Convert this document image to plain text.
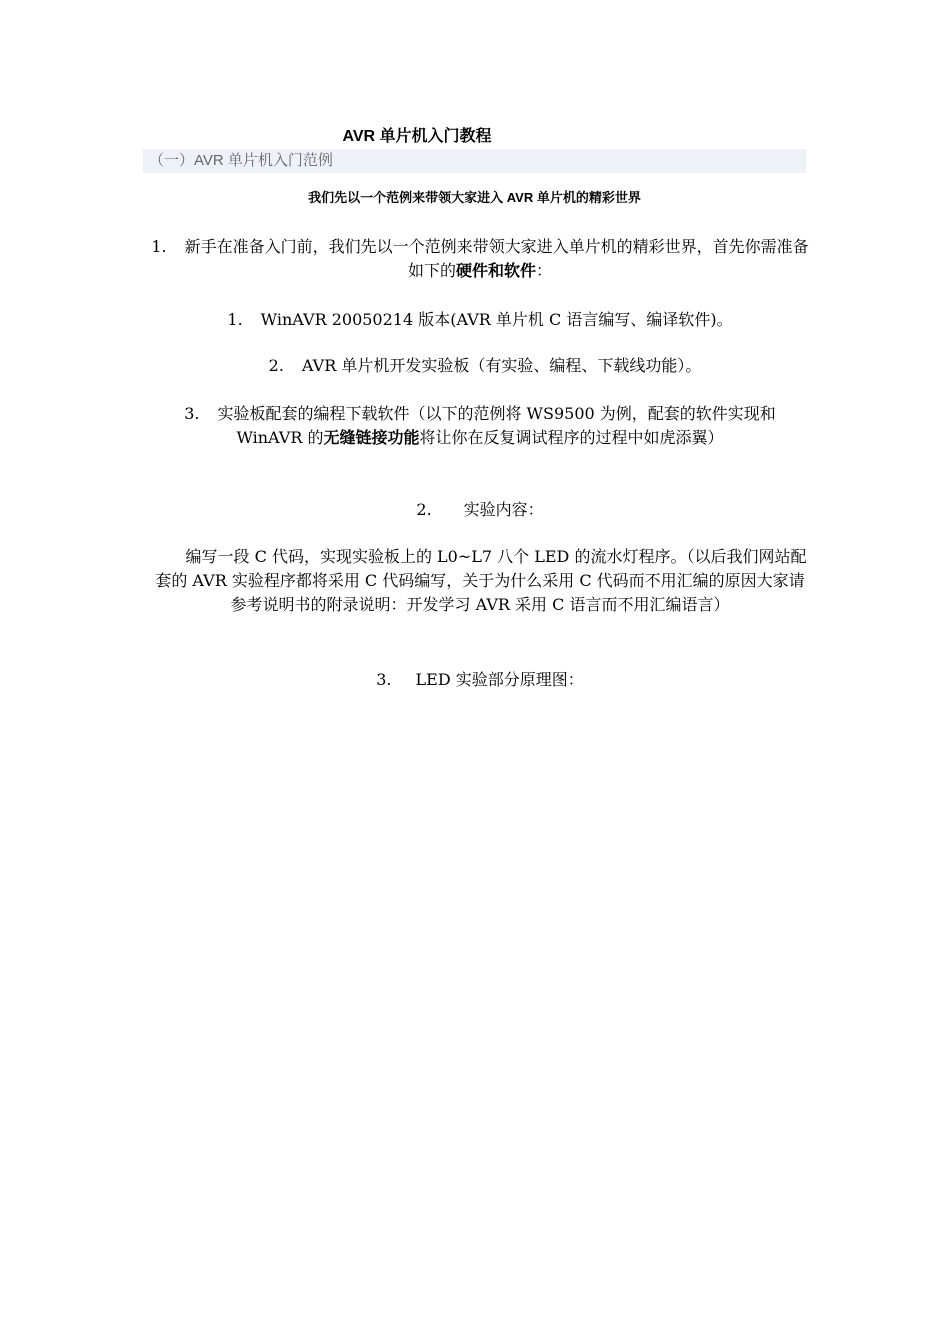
AVR 单片机入门教程
（一）AVR 单片机入门范例
我们先以一个范例来带领大家进入 AVR 单片机的精彩世界

1. 新手在准备入门前，我们先以一个范例来带领大家进入单片机的精彩世界，首先你需准备如下的硬件和软件：

1. WinAVR 20050214 版本(AVR 单片机 C 语言编写、编译软件)。

2. AVR 单片机开发实验板（有实验、编程、下载线功能）。

3. 实验板配套的编程下载软件（以下的范例将 WS9500 为例，配套的软件实现和 WinAVR 的无缝链接功能将让你在反复调试程序的过程中如虎添翼）

2. 实验内容：

编写一段 C 代码，实现实验板上的 L0~L7 八个 LED 的流水灯程序。（以后我们网站配套的 AVR 实验程序都将采用 C 代码编写，关于为什么采用 C 代码而不用汇编的原因大家请参考说明书的附录说明：开发学习 AVR 采用 C 语言而不用汇编语言）

3. LED 实验部分原理图：
